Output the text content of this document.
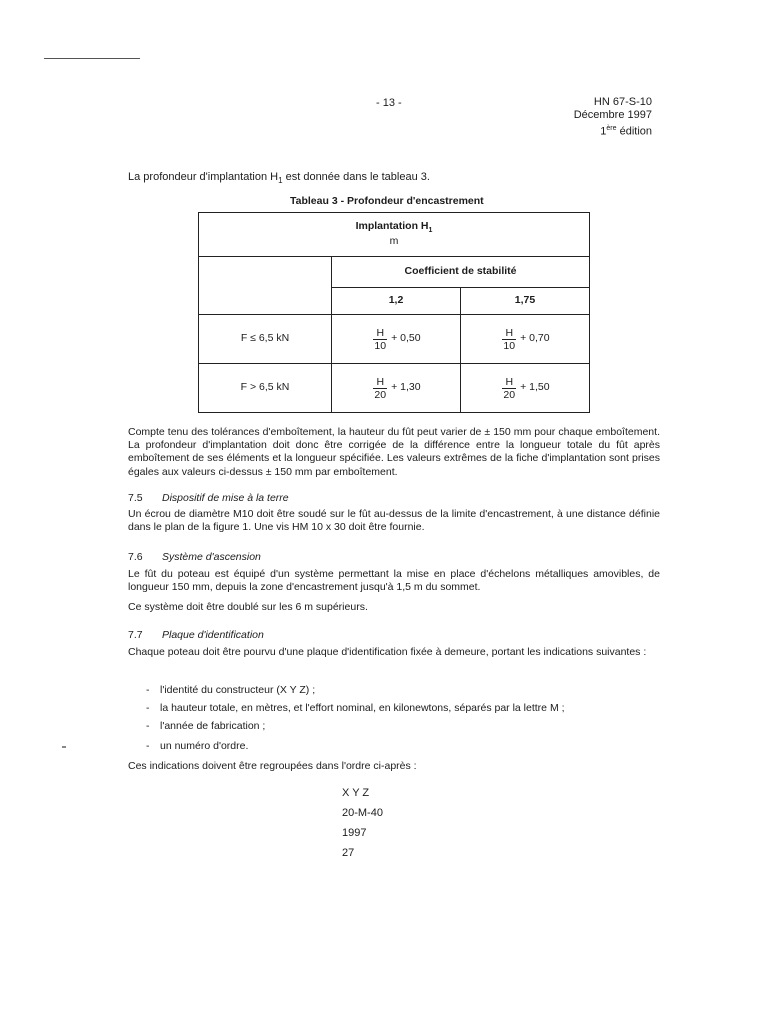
- 13 -	HN 67-S-10
Décembre 1997
1ère édition
La profondeur d'implantation $H_1$ est donnée dans le tableau 3.
Tableau 3 - Profondeur d'encastrement
Implantation $H_1$
m		

	Coefficient de stabilité	
	1,2	1,75
F ≤ 6,5 kN	$\frac{H}{10} + 0,50$	$\frac{H}{10} + 0,70$
F > 6,5 kN	$\frac{H}{20} + 1,30$	$\frac{H}{20} + 1,50$
Compte tenu des tolérances d'emboîtement, la hauteur du fût peut varier de ± 150 mm pour chaque emboîtement. La profondeur d'implantation doit donc être corrigée de la différence entre la longueur totale du fût après emboîtement de ses éléments et la longueur spécifiée. Les valeurs extrêmes de la fiche d'implantation sont prises égales aux valeurs ci-dessus ± 150 mm par emboîtement.
7.5 Dispositif de mise à la terre
Un écrou de diamètre M10 doit être soudé sur le fût au-dessus de la limite d'encastrement, à une distance définie dans le plan de la figure 1. Une vis HM 10 x 30 doit être fournie.
7.6 Système d'ascension
Le fût du poteau est équipé d'un système permettant la mise en place d'échelons métalliques amovibles, de longueur 150 mm, depuis la zone d'encastrement jusqu'à 1,5 m du sommet.
Ce système doit être doublé sur les 6 m supérieurs.
7.7 Plaque d'identification
Chaque poteau doit être pourvu d'une plaque d'identification fixée à demeure, portant les indications suivantes :
- l'identité du constructeur (X Y Z) ;
- la hauteur totale, en mètres, et l'effort nominal, en kilonewtons, séparés par la lettre M ;
- l'année de fabrication ;
- un numéro d'ordre.
Ces indications doivent être regroupées dans l'ordre ci-après :
X Y Z
20-M-40
1997
27
